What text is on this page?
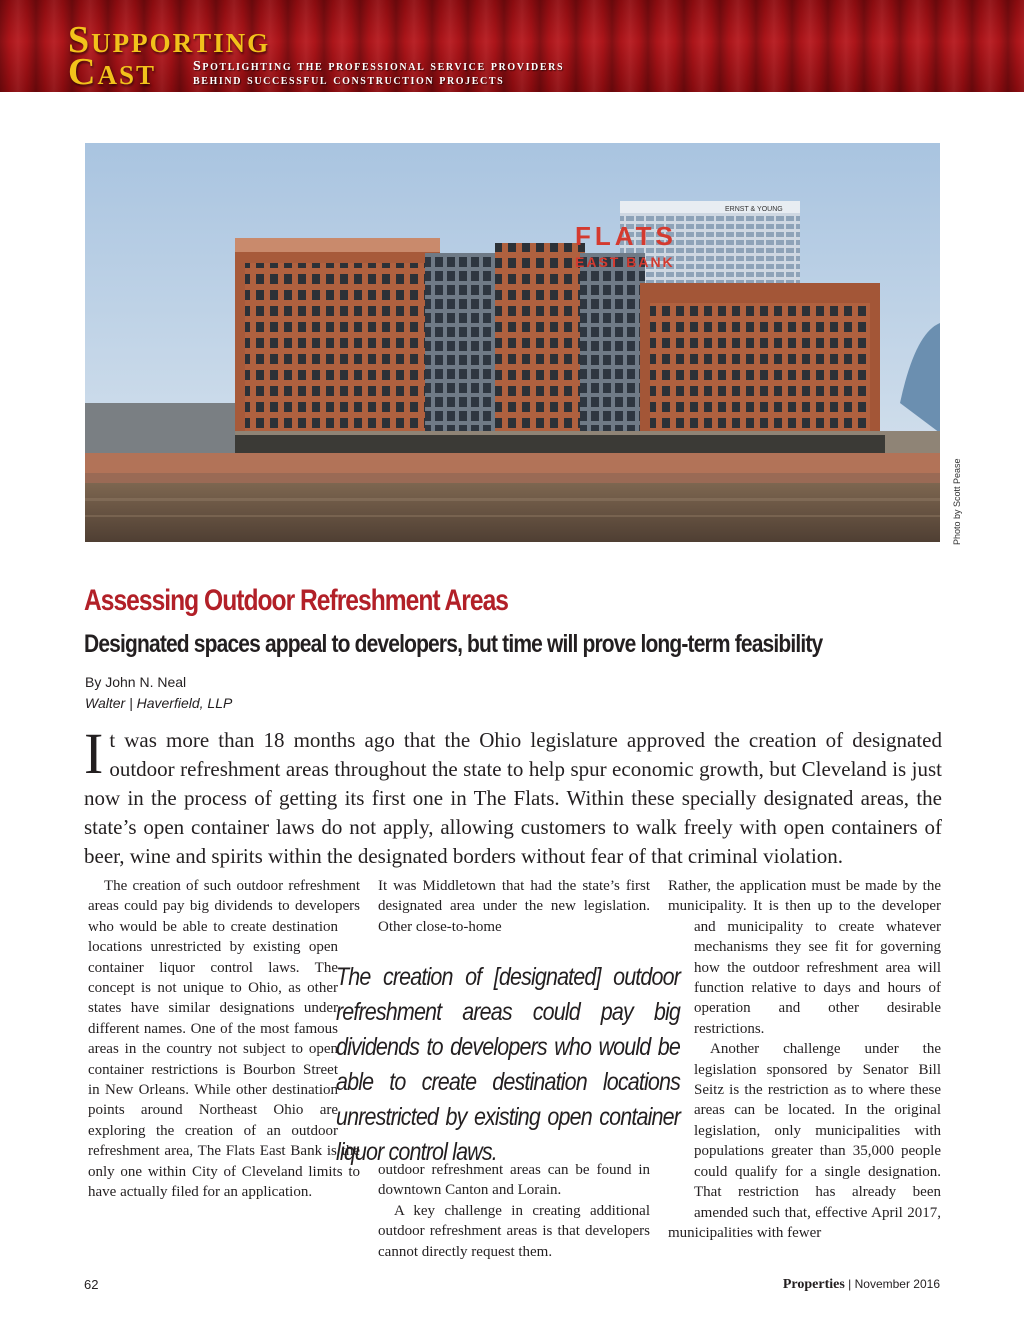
Supporting
Cast	Spotlighting the professional service providers
behind successful construction projects
ERNST & YOUNG
FLATS
EAST BANK
Photo by Scott Pease
Assessing Outdoor Refreshment Areas
Designated spaces appeal to developers, but time will prove long-term feasibility
By John N. Neal
Walter | Haverfield, LLP

It was more than 18 months ago that the Ohio legislature approved the creation of designated outdoor refreshment areas throughout the state to help spur economic growth, but Cleveland is just now in the process of getting its first one in The Flats. Within these specially designated areas, the state’s open container laws do not apply, allowing customers to walk freely with open containers of beer, wine and spirits within the designated borders without fear of that criminal violation.

The creation of such outdoor refreshment areas could pay big dividends to developers who would be able to create destination locations unrestricted by existing open container liquor control laws. The concept is not unique to Ohio, as other states have similar designations under different names. One of the most famous areas in the country not subject to open container restrictions is Bourbon Street in New Orleans. While other destination points around Northeast Ohio are exploring the creation of an outdoor refreshment area, The Flats East Bank is the only one within City of Cleveland limits to have actually filed for an application.

It was Middletown that had the state’s first designated area under the new legislation. Other close-to-home

outdoor refreshment areas can be found in downtown Canton and Lorain.

A key challenge in creating additional outdoor refreshment areas is that developers cannot directly request them.

Rather, the application must be made by the municipality. It is then up to the developer and municipality to create whatever mechanisms they see fit for governing how the outdoor refreshment area will function relative to days and hours of operation and other desirable restrictions.

Another challenge under the legislation sponsored by Senator Bill Seitz is the restriction as to where these areas can be located. In the original legislation, only municipalities with populations greater than 35,000 people could qualify for a single designation. That restriction has already been amended such that, effective April 2017, municipalities with fewer

The creation of [designated] outdoor refreshment areas could pay big dividends to developers who would be able to create destination locations unrestricted by existing open container liquor control laws.
62	Properties | November 2016
